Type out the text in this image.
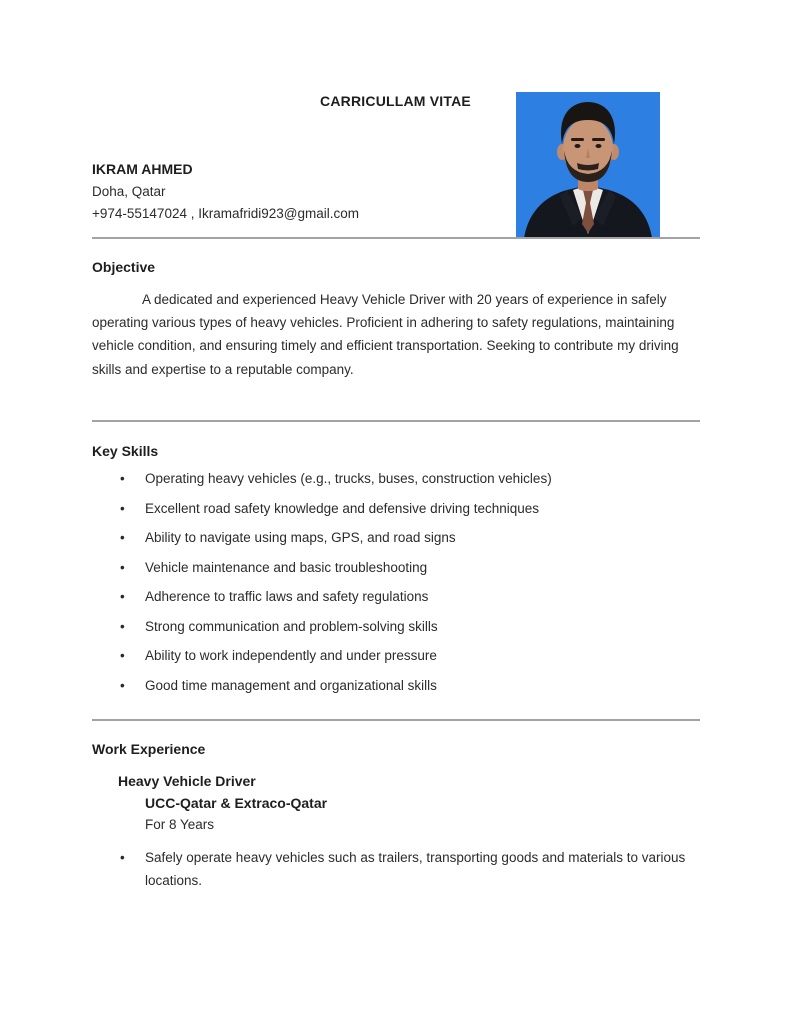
CARRICULLAM VITAE
IKRAM AHMED
Doha, Qatar
+974-55147024 , Ikramafridi923@gmail.com
Objective
A dedicated and experienced Heavy Vehicle Driver with 20 years of experience in safely operating various types of heavy vehicles. Proficient in adhering to safety regulations, maintaining vehicle condition, and ensuring timely and efficient transportation. Seeking to contribute my driving skills and expertise to a reputable company.
Key Skills
• Operating heavy vehicles (e.g., trucks, buses, construction vehicles)
• Excellent road safety knowledge and defensive driving techniques
• Ability to navigate using maps, GPS, and road signs
• Vehicle maintenance and basic troubleshooting
• Adherence to traffic laws and safety regulations
• Strong communication and problem-solving skills
• Ability to work independently and under pressure
• Good time management and organizational skills
Work Experience
Heavy Vehicle Driver
UCC-Qatar & Extraco-Qatar
For 8 Years
• Safely operate heavy vehicles such as trailers, transporting goods and materials to various locations.
